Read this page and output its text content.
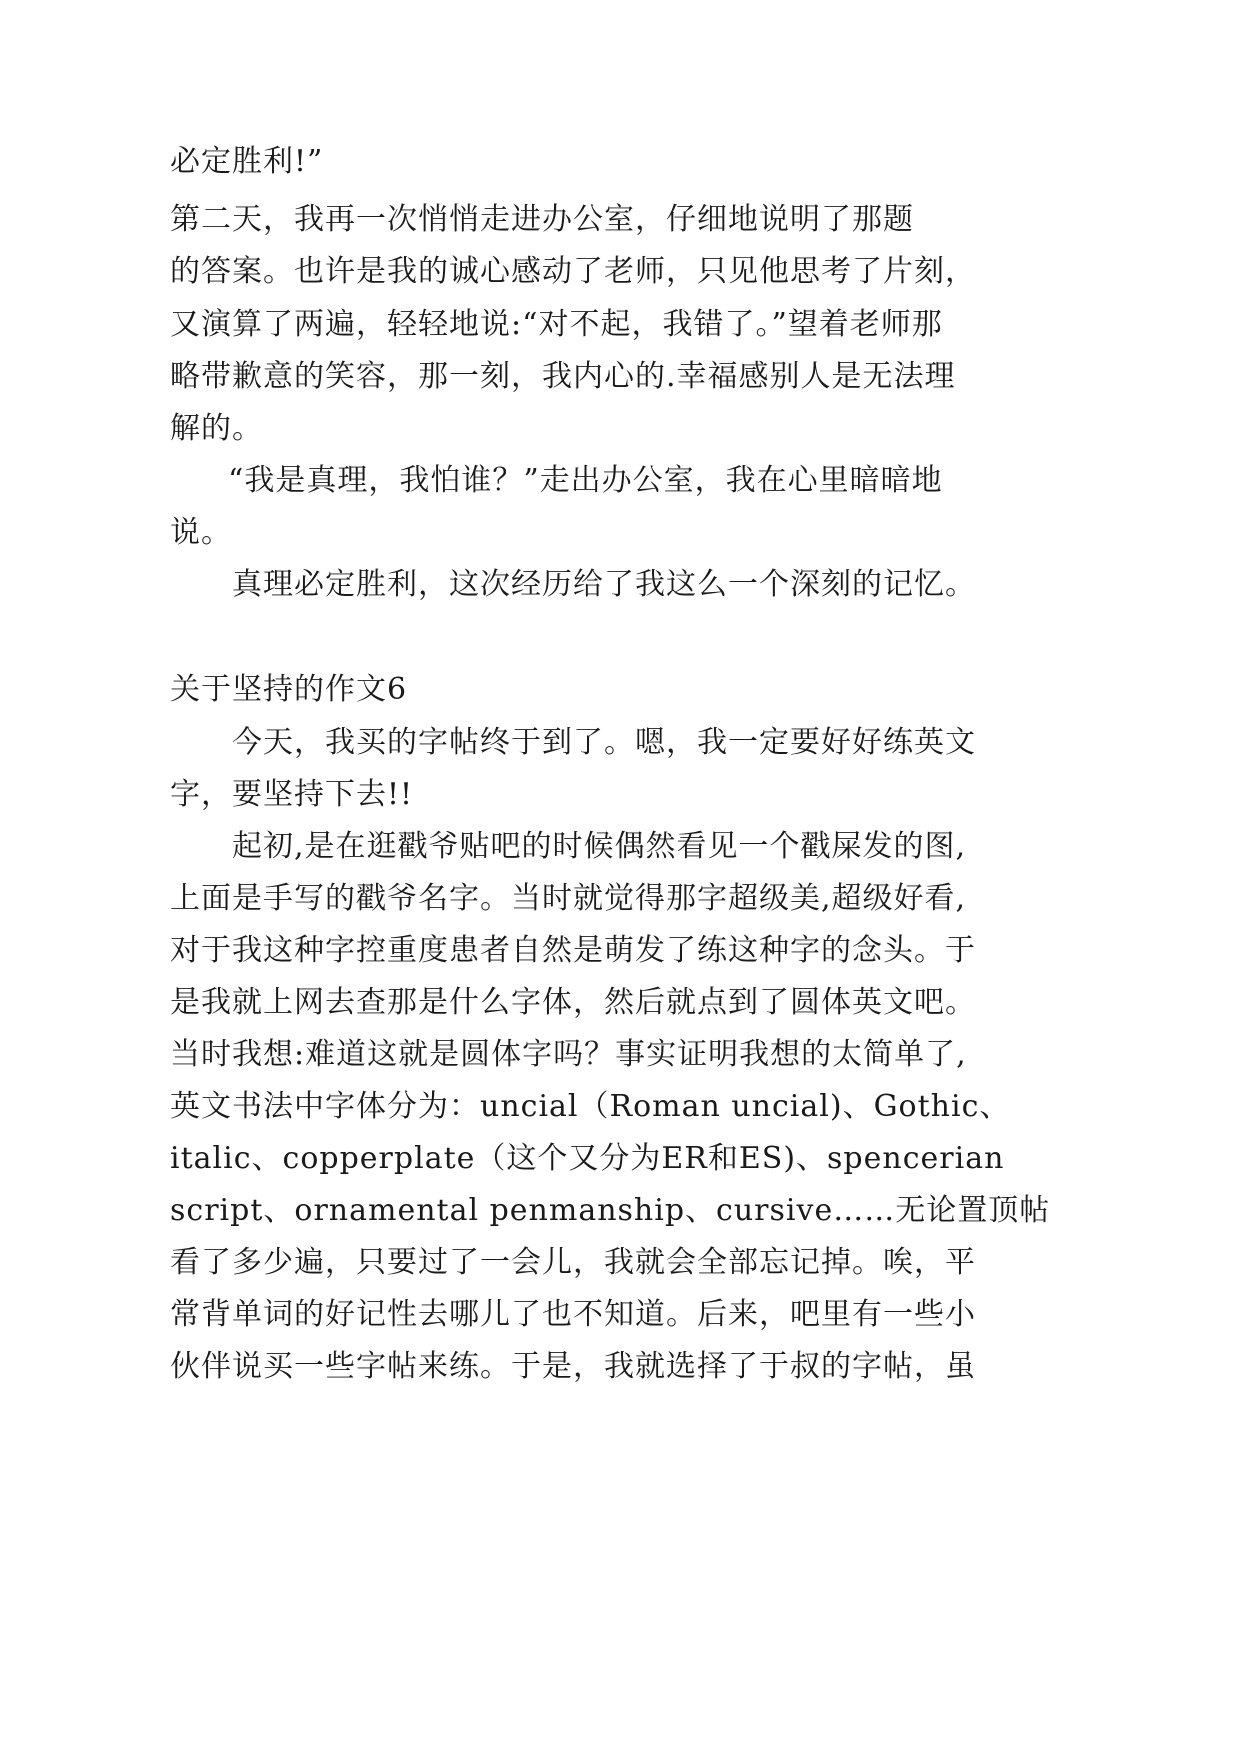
必定胜利!”

第二天，我再一次悄悄走进办公室，仔细地说明了那题

的答案。也许是我的诚心感动了老师，只见他思考了片刻，

又演算了两遍，轻轻地说:“对不起，我错了。”望着老师那

略带歉意的笑容，那一刻，我内心的.幸福感别人是无法理

解的。

“我是真理，我怕谁？”走出办公室，我在心里暗暗地

说。

真理必定胜利，这次经历给了我这么一个深刻的记忆。

关于坚持的作文6

今天，我买的字帖终于到了。嗯，我一定要好好练英文

字，要坚持下去!!

起初,是在逛戳爷贴吧的时候偶然看见一个戳屎发的图,

上面是手写的戳爷名字。当时就觉得那字超级美,超级好看,

对于我这种字控重度患者自然是萌发了练这种字的念头。于

是我就上网去查那是什么字体，然后就点到了圆体英文吧。

当时我想:难道这就是圆体字吗？事实证明我想的太简单了,

英文书法中字体分为：uncial（Roman uncial)、Gothic、

italic、copperplate（这个又分为ER和ES)、spencerian

script、ornamental penmanship、cursive……无论置顶帖

看了多少遍，只要过了一会儿，我就会全部忘记掉。唉，平

常背单词的好记性去哪儿了也不知道。后来，吧里有一些小

伙伴说买一些字帖来练。于是，我就选择了于叔的字帖，虽
